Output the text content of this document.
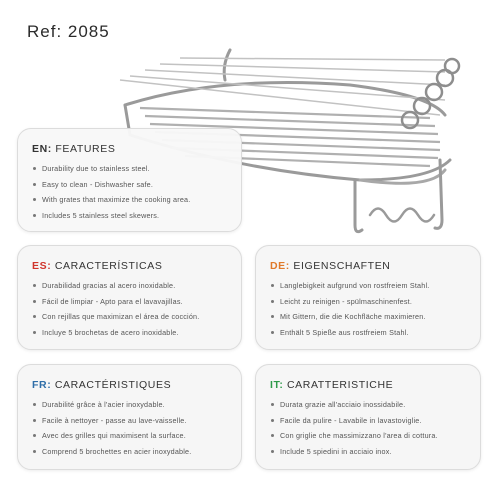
Ref: 2085
EN: FEATURES
Durability due to stainless steel.
Easy to clean - Dishwasher safe.
With grates that maximize the cooking area.
Includes 5 stainless steel skewers.
ES: CARACTERÍSTICAS
Durabilidad gracias al acero inoxidable.
Fácil de limpiar - Apto para el lavavajillas.
Con rejillas que maximizan el área de cocción.
Incluye 5 brochetas de acero inoxidable.
DE: EIGENSCHAFTEN
Langlebigkeit aufgrund von rostfreiem Stahl.
Leicht zu reinigen - spülmaschinenfest.
Mit Gittern, die die Kochfläche maximieren.
Enthält 5 Spieße aus rostfreiem Stahl.
FR: CARACTÉRISTIQUES
Durabilité grâce à l'acier inoxydable.
Facile à nettoyer - passe au lave-vaisselle.
Avec des grilles qui maximisent la surface.
Comprend 5 brochettes en acier inoxydable.
IT: CARATTERISTICHE
Durata grazie all'acciaio inossidabile.
Facile da pulire - Lavabile in lavastoviglie.
Con griglie che massimizzano l'area di cottura.
Include 5 spiedini in acciaio inox.
